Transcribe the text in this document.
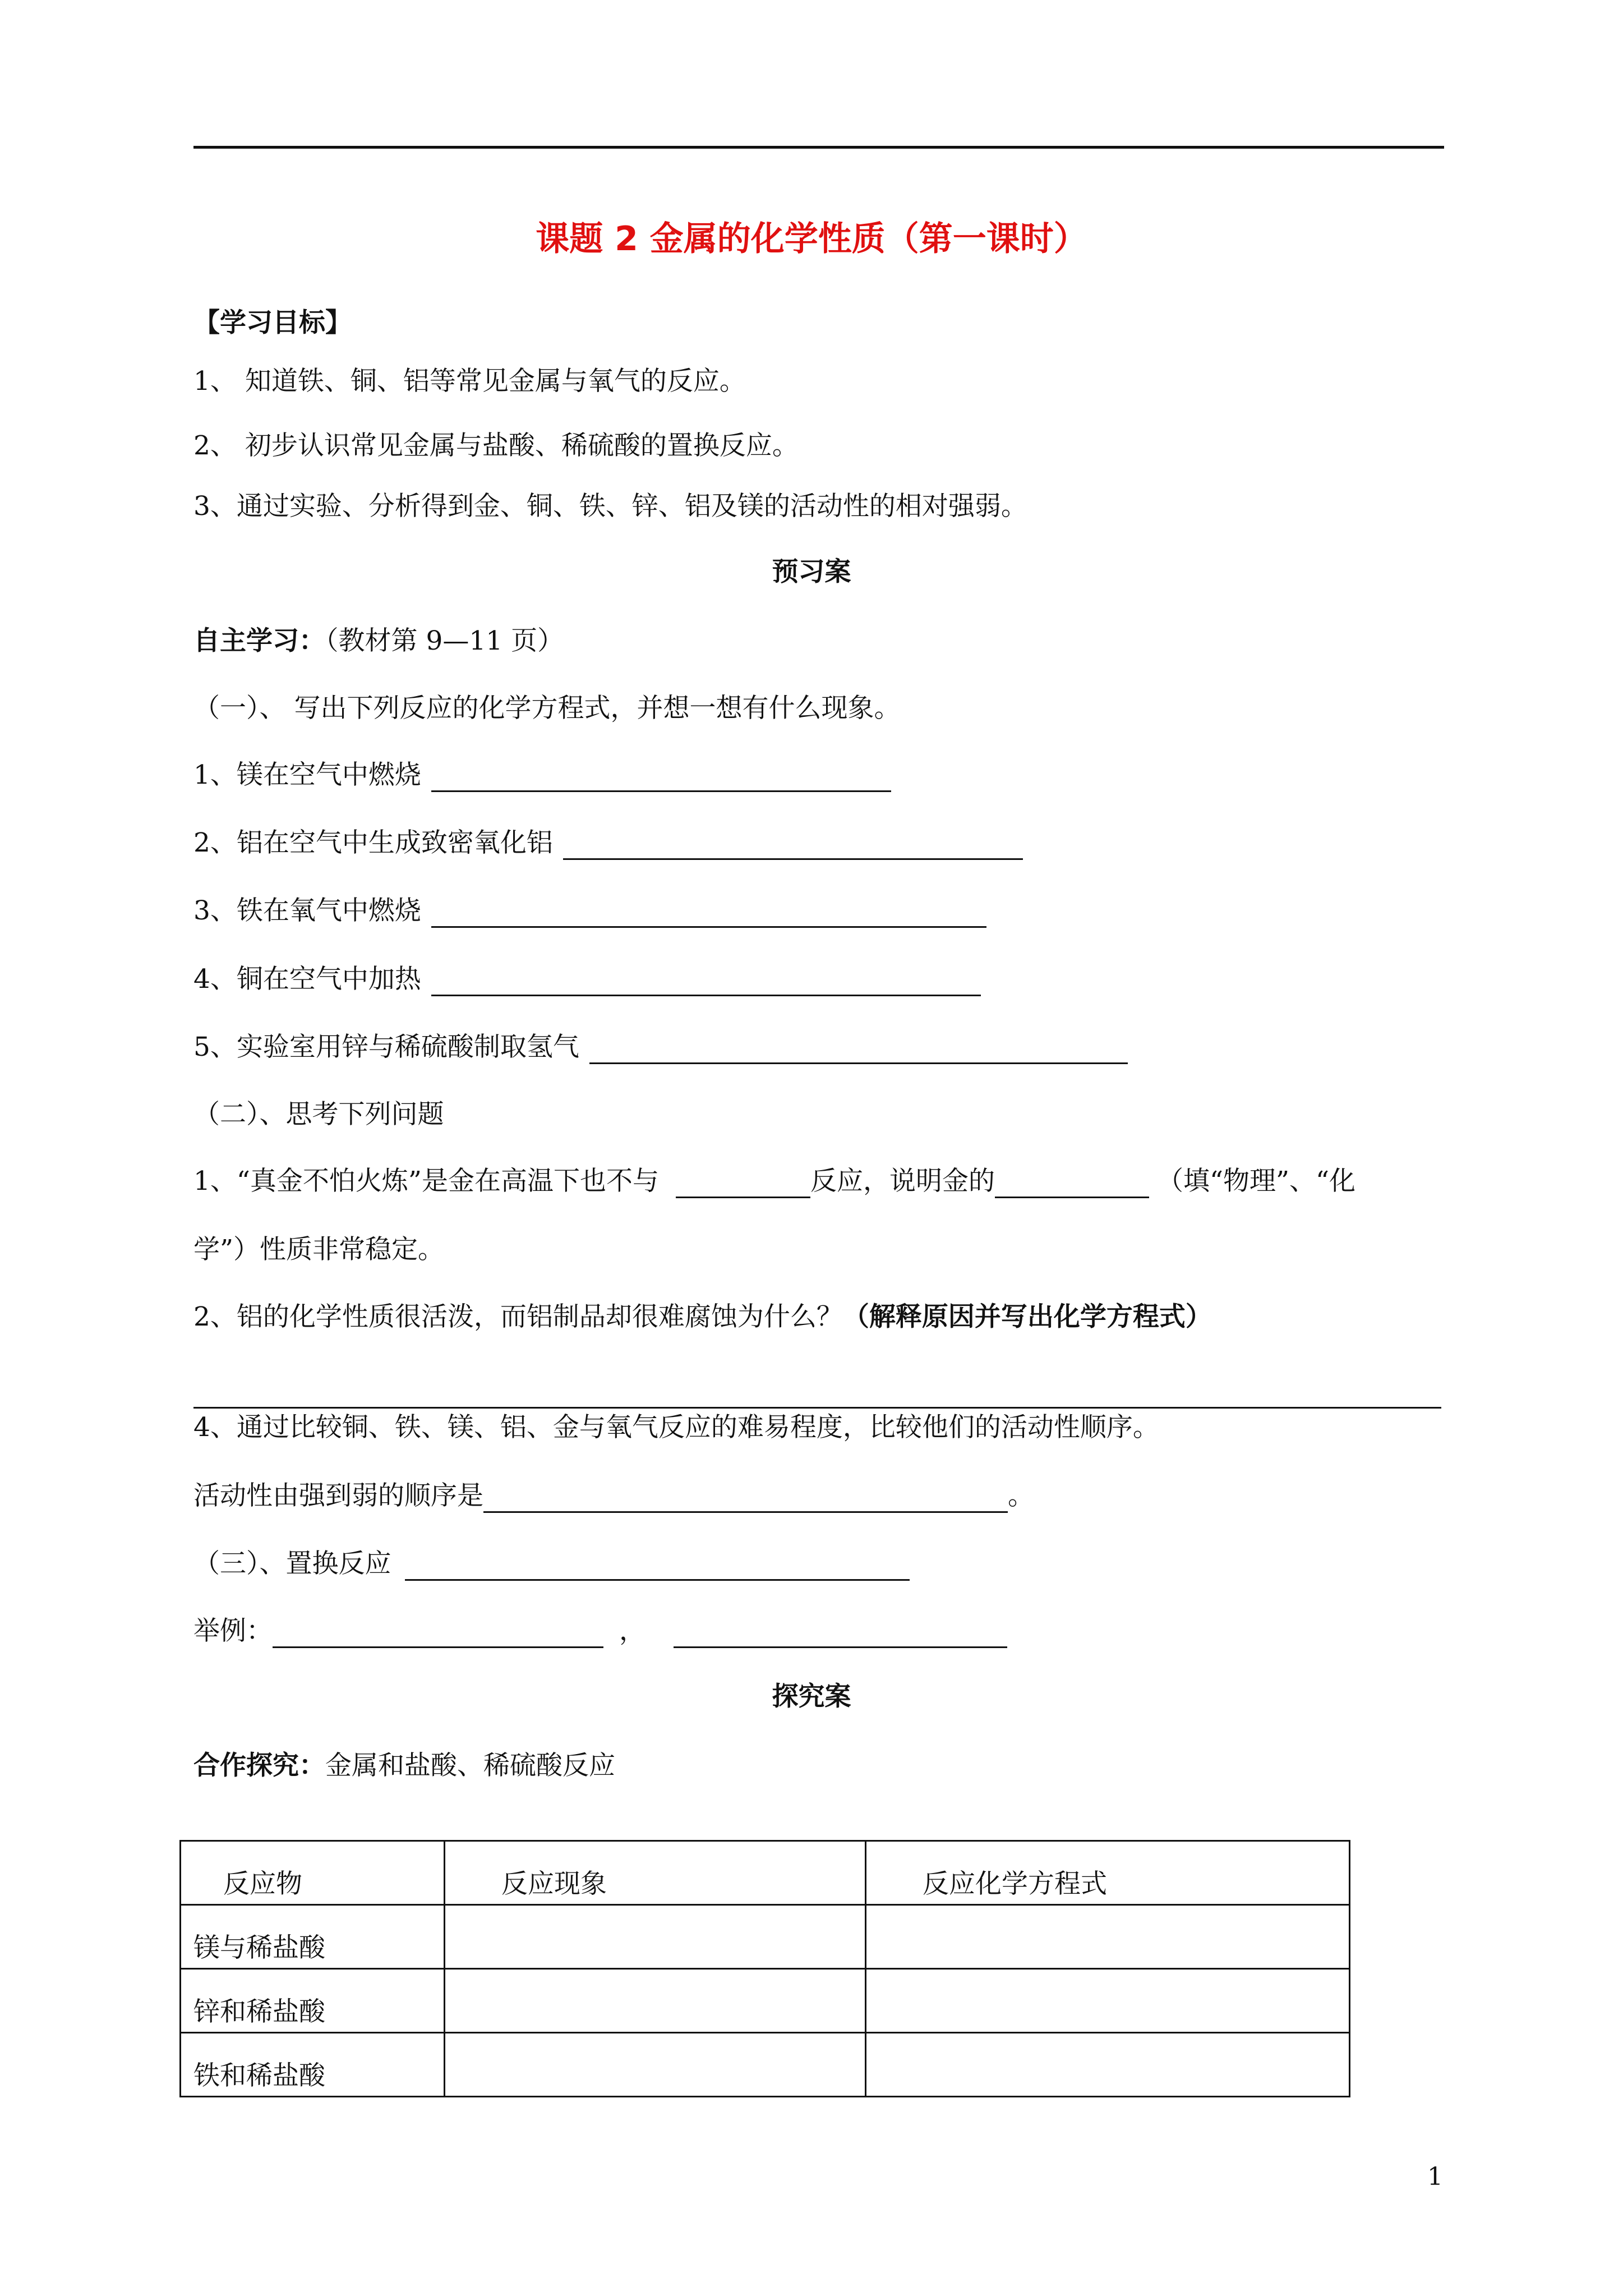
课题 2 金属的化学性质（第一课时）
【学习目标】
1、 知道铁、铜、铝等常见金属与氧气的反应。
2、 初步认识常见金属与盐酸、稀硫酸的置换反应。
3、通过实验、分析得到金、铜、铁、锌、铝及镁的活动性的相对强弱。
预习案
自主学习：（教材第 9—11 页）
（一）、 写出下列反应的化学方程式，并想一想有什么现象。
1、镁在空气中燃烧
2、铝在空气中生成致密氧化铝
3、铁在氧气中燃烧
4、铜在空气中加热
5、实验室用锌与稀硫酸制取氢气
（二）、思考下列问题
1、“真金不怕火炼”是金在高温下也不与	反应，说明金的	（填“物理”、“化
学”）性质非常稳定。
2、铝的化学性质很活泼，而铝制品却很难腐蚀为什么？（解释原因并写出化学方程式）
4、通过比较铜、铁、镁、铝、金与氧气反应的难易程度，比较他们的活动性顺序。
活动性由强到弱的顺序是	。
（三）、置换反应
举例：	，
探究案
合作探究：金属和盐酸、稀硫酸反应
反应物	反应现象	反应化学方程式
镁与稀盐酸		
锌和稀盐酸		
铁和稀盐酸		
1
